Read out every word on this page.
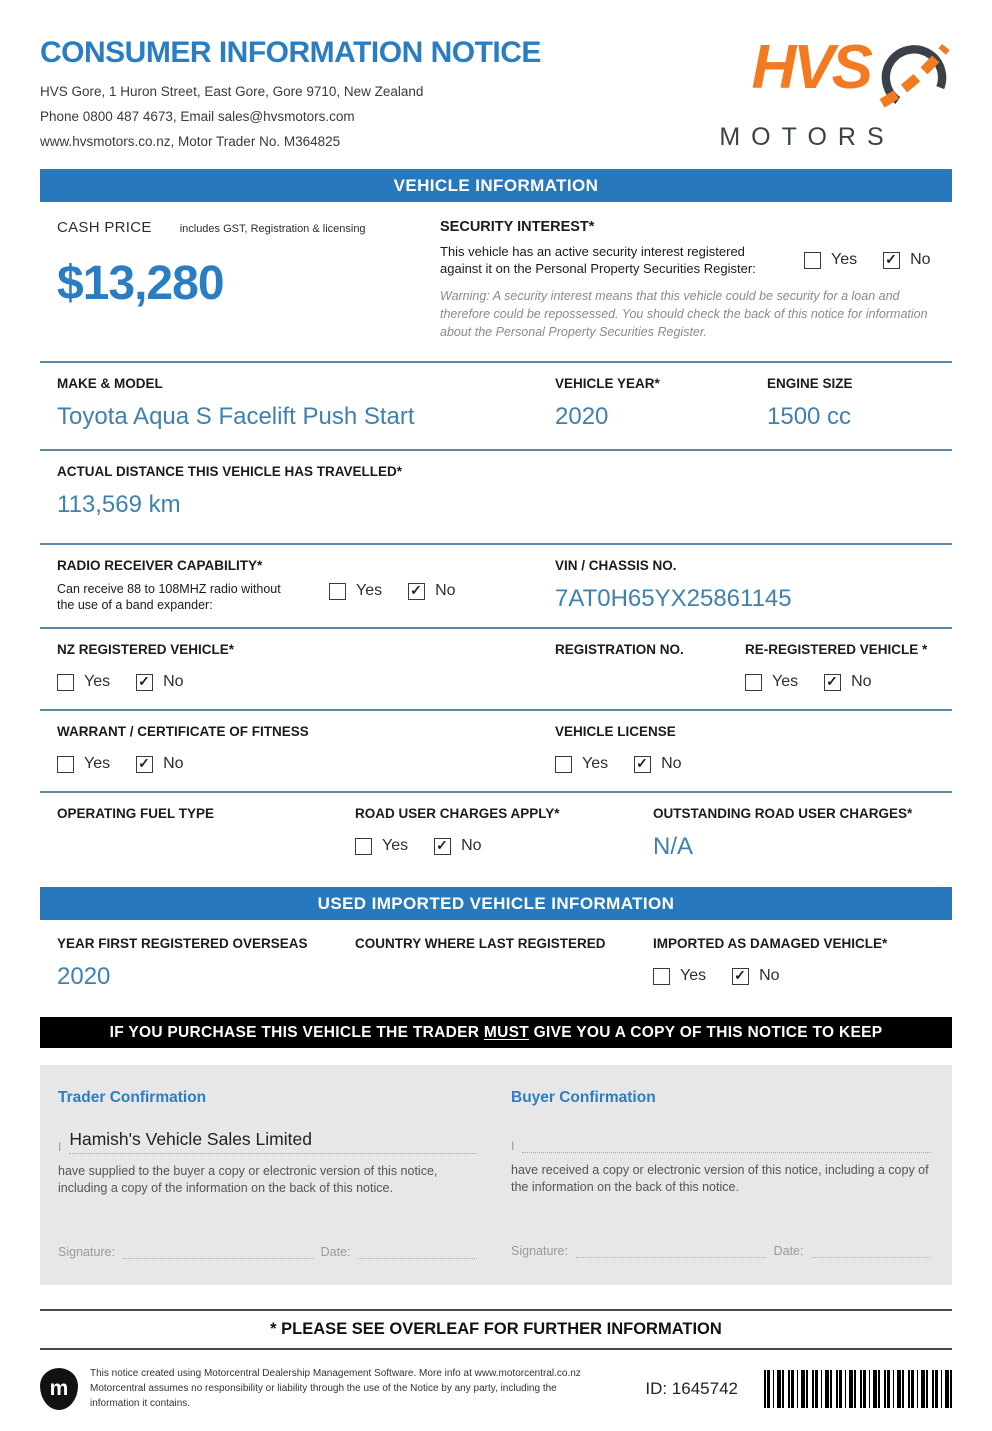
CONSUMER INFORMATION NOTICE
HVS Gore, 1 Huron Street, East Gore, Gore 9710, New Zealand
Phone 0800 487 4673, Email sales@hvsmotors.com
www.hvsmotors.co.nz, Motor Trader No. M364825
HVS
MOTORS
VEHICLE INFORMATION
CASH PRICE	includes GST, Registration & licensing
$13,280
SECURITY INTEREST*
This vehicle has an active security interest registered against it on the Personal Property Securities Register:
Yes ✓	No
Warning: A security interest means that this vehicle could be security for a loan and therefore could be repossessed. You should check the back of this notice for information about the Personal Property Securities Register.
MAKE & MODEL
Toyota Aqua S Facelift Push Start
VEHICLE YEAR*
2020
ENGINE SIZE
1500 cc
ACTUAL DISTANCE THIS VEHICLE HAS TRAVELLED*
113,569 km
RADIO RECEIVER CAPABILITY*
Can receive 88 to 108MHZ radio without the use of a band expander:
Yes ✓	No
VIN / CHASSIS NO.
7AT0H65YX25861145
NZ REGISTERED VEHICLE*
Yes ✓	No
REGISTRATION NO.	RE-REGISTERED VEHICLE *
Yes ✓	No
WARRANT / CERTIFICATE OF FITNESS
Yes ✓	No
VEHICLE LICENSE
Yes ✓	No
OPERATING FUEL TYPE	ROAD USER CHARGES APPLY*
Yes ✓	No
OUTSTANDING ROAD USER CHARGES*
N/A
USED IMPORTED VEHICLE INFORMATION
YEAR FIRST REGISTERED OVERSEAS
2020
COUNTRY WHERE LAST REGISTERED	IMPORTED AS DAMAGED VEHICLE*
Yes ✓	No
IF YOU PURCHASE THIS VEHICLE THE TRADER MUST GIVE YOU A COPY OF THIS NOTICE TO KEEP
Trader Confirmation
I Hamish's Vehicle Sales Limited
have supplied to the buyer a copy or electronic version of this notice, including a copy of the information on the back of this notice.
Signature:	Date:
Buyer Confirmation
I
have received a copy or electronic version of this notice, including a copy of the information on the back of this notice.
Signature:	Date:
* PLEASE SEE OVERLEAF FOR FURTHER INFORMATION
m
This notice created using Motorcentral Dealership Management Software. More info at www.motorcentral.co.nz
Motorcentral assumes no responsibility or liability through the use of the Notice by any party, including the information it contains.
ID: 1645742
